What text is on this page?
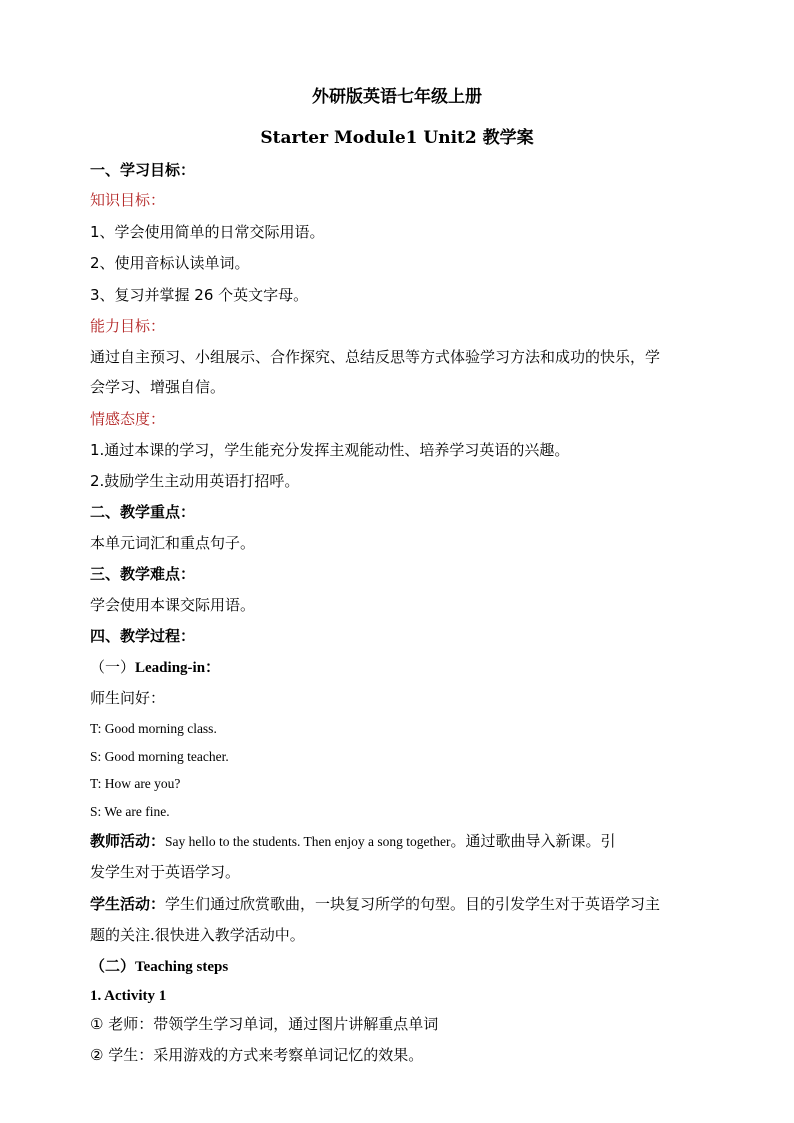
外研版英语七年级上册
Starter Module1 Unit2 教学案
一、学习目标：
知识目标：
1、学会使用简单的日常交际用语。
2、使用音标认读单词。
3、复习并掌握 26 个英文字母。
能力目标：
通过自主预习、小组展示、合作探究、总结反思等方式体验学习方法和成功的快乐，学
会学习、增强自信。
情感态度：
1.通过本课的学习，学生能充分发挥主观能动性、培养学习英语的兴趣。
2.鼓励学生主动用英语打招呼。
二、教学重点：
本单元词汇和重点句子。
三、教学难点：
学会使用本课交际用语。
四、教学过程：
（一）Leading-in：
师生问好：
T: Good morning class.
S: Good morning teacher.
T: How are you?
S: We are fine.
教师活动：Say hello to the students. Then enjoy a song together。通过歌曲导入新课。引
发学生对于英语学习。
学生活动：学生们通过欣赏歌曲，一块复习所学的句型。目的引发学生对于英语学习主
题的关注.很快进入教学活动中。
（二）Teaching steps
1. Activity 1
① 老师：带领学生学习单词，通过图片讲解重点单词
② 学生：采用游戏的方式来考察单词记忆的效果。
